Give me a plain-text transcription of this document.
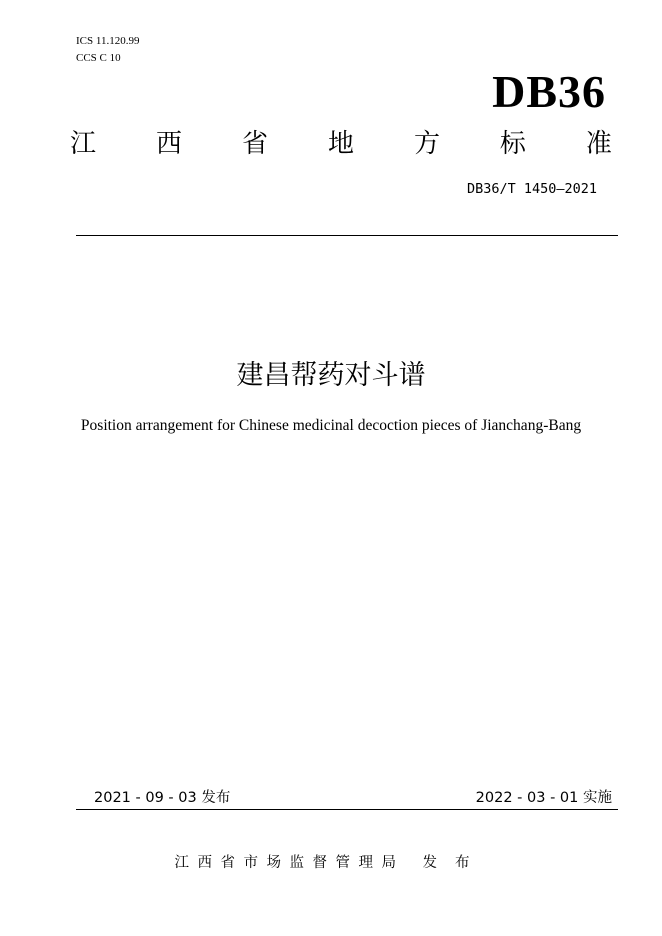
ICS 11.120.99
CCS C 10
DB36
江 西 省 地 方 标 准
DB36/T 1450—2021
建昌帮药对斗谱
Position arrangement for Chinese medicinal decoction pieces of Jianchang-Bang
2021 - 09 - 03 发布	2022 - 03 - 01 实施
江西省市场监督管理局 发布
